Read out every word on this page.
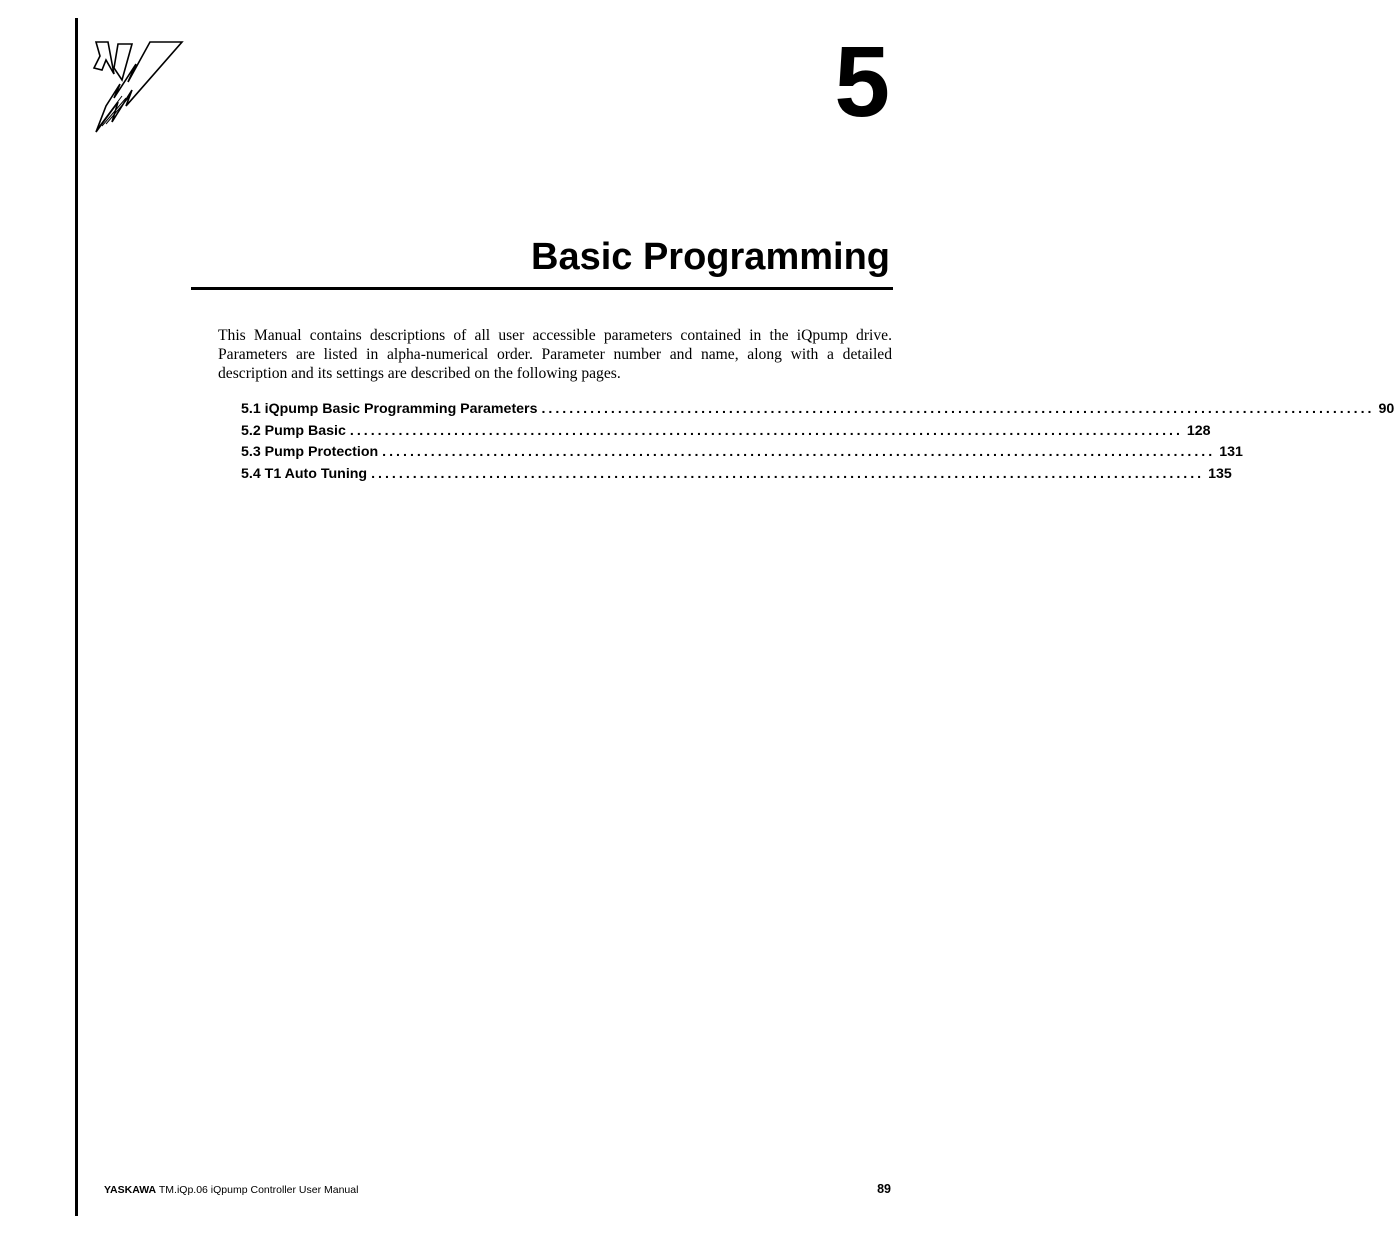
5
Basic Programming

This Manual contains descriptions of all user accessible parameters contained in the iQpump drive. Parameters are listed in alpha-numerical order. Parameter number and name, along with a detailed description and its settings are described on the following pages.

5.1 iQpump Basic Programming Parameters ........................................................................................................................ 90
5.2 Pump Basic ........................................................................................................................ 128
5.3 Pump Protection ........................................................................................................................ 131
5.4 T1 Auto Tuning ........................................................................................................................ 135
YASKAWA TM.iQp.06 iQpump Controller User Manual	89
